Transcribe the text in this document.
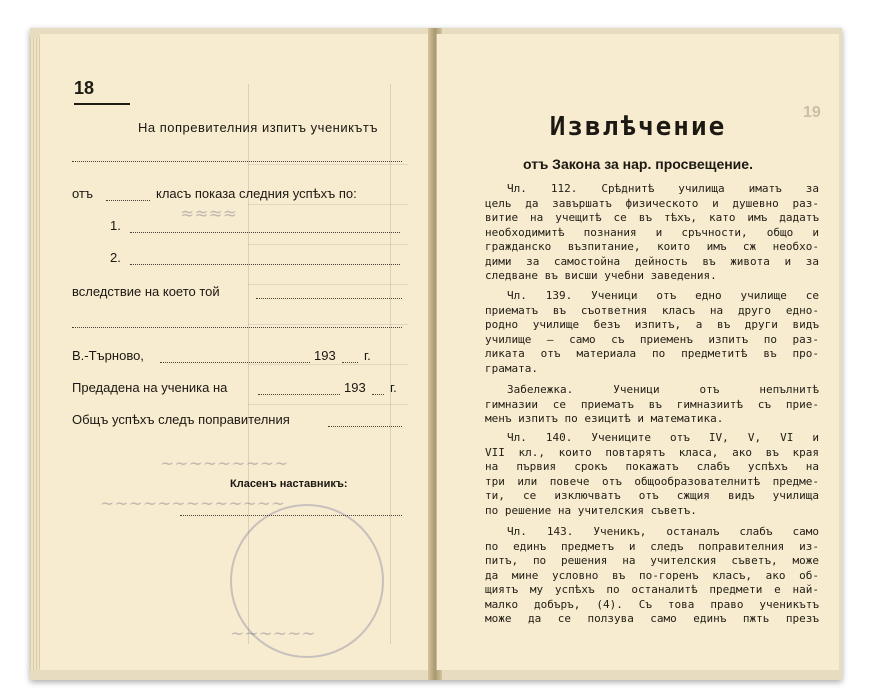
≈≈≈≈
∼∼∼∼∼∼∼∼∼
∼∼∼∼∼∼∼∼∼∼∼∼∼
∼∼∼∼∼∼
18
На попревителния изпитъ ученикътъ
отъ	класъ показа следния успѣхъ по:
1.
2.
вследствие на което той
В.-Търново,	193 г.
Предадена на ученика на	193 г.
Общъ успѣхъ следъ поправителния
Класенъ наставникъ:
19
Извлѣчение
отъ Закона за нар. просвещение.
Чл. 112. Срѣднитѣ училища иматъ за
цель да завършатъ физическото и душевно раз-
витие на учещитѣ се въ тѣхъ, като имъ дадатъ
необходимитѣ познания и сръчности, общо и
гражданско възпитание, които имъ сж необхо-
дими за самостойна дейность въ живота и за
следване въ висши учебни заведения.
Чл. 139. Ученици отъ едно училище се
приематъ въ съответния класъ на друго еднo-
родно училище безъ изпитъ, а въ други видъ
училище — само съ приеменъ изпитъ по раз-
ликата отъ материала по предметитѣ въ про-
грамата.
Забележка. Ученици отъ непълнитѣ
гимназии се приематъ въ гимназиитѣ съ прие-
менъ изпитъ по езицитѣ и математика.
Чл. 140. Учениците отъ IV, V, VI и
VII кл., които повтарятъ класа, ако въ края
на първия срокъ покажатъ слабъ успѣхъ на
три или повече отъ общообразователнитѣ предме-
ти, се изключватъ отъ сжщия видъ училища
по решение на учителския съветъ.
Чл. 143. Ученикъ, останалъ слабъ само
по единъ предметъ и следъ поправителния из-
питъ, по решения на учителския съветъ, може
да мине условно въ по-горенъ класъ, ако об-
щиятъ му успѣхъ по останалитѣ предмети е най-
малко добъръ, (4). Съ това право ученикътъ
може да се ползува само единъ пжть презъ
